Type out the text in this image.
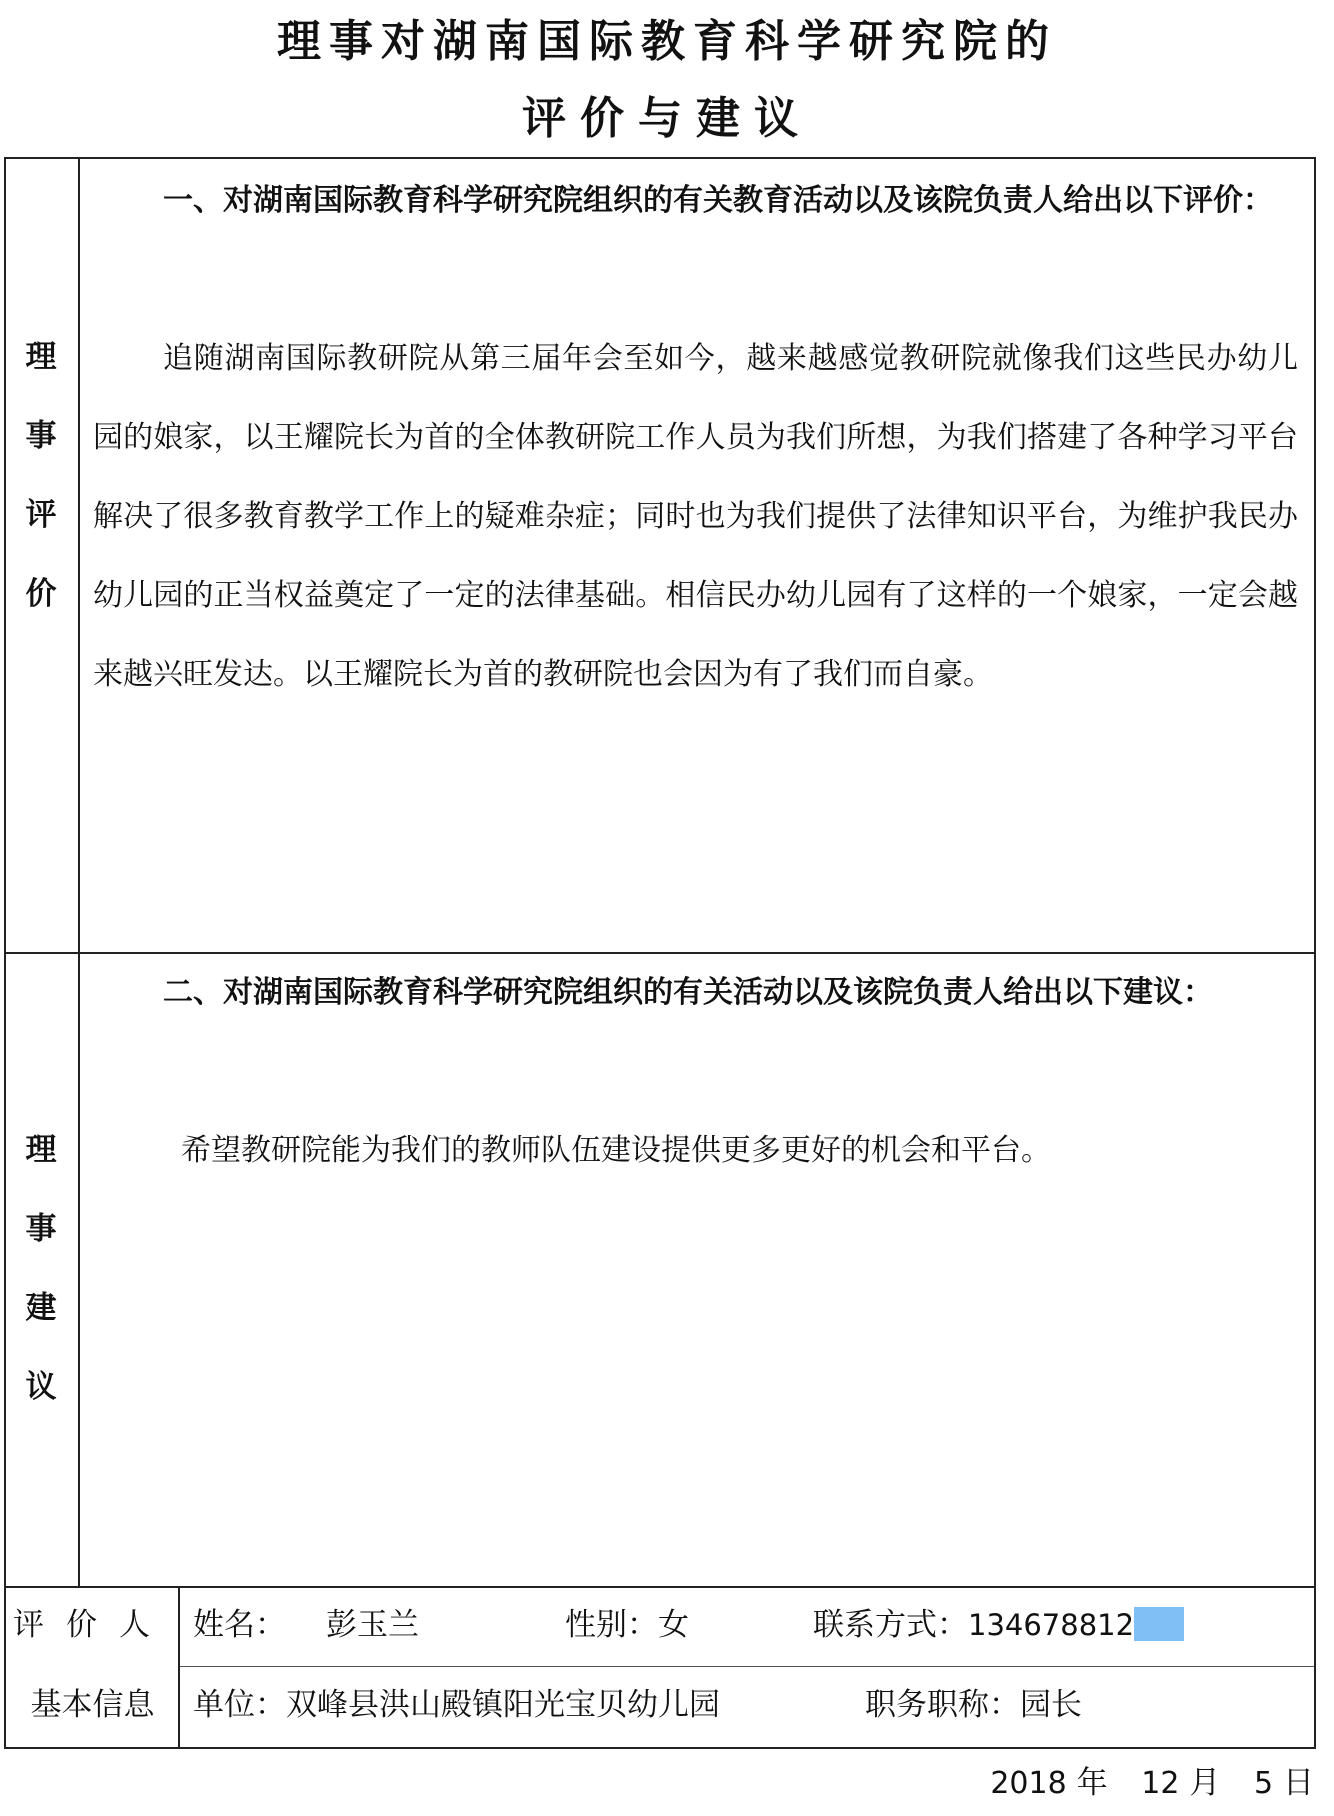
理事对湖南国际教育科学研究院的
评价与建议
理
事
评
价

一、对湖南国际教育科学研究院组织的有关教育活动以及该院负责人给出以下评价：

追随湖南国际教研院从第三届年会至如今，越来越感觉教研院就像我们这些民办幼儿园的娘家，以王耀院长为首的全体教研院工作人员为我们所想，为我们搭建了各种学习平台解决了很多教育教学工作上的疑难杂症；同时也为我们提供了法律知识平台，为维护我民办幼儿园的正当权益奠定了一定的法律基础。相信民办幼儿园有了这样的一个娘家，一定会越来越兴旺发达。以王耀院长为首的教研院也会因为有了我们而自豪。

理
事
建
议

二、对湖南国际教育科学研究院组织的有关活动以及该院负责人给出以下建议：

希望教研院能为我们的教师队伍建设提供更多更好的机会和平台。

评价人
基本信息
姓名： 彭玉兰	性别：女	联系方式：134678812
单位：双峰县洪山殿镇阳光宝贝幼儿园	职务职称：园长
2018 年 12 月 5 日
